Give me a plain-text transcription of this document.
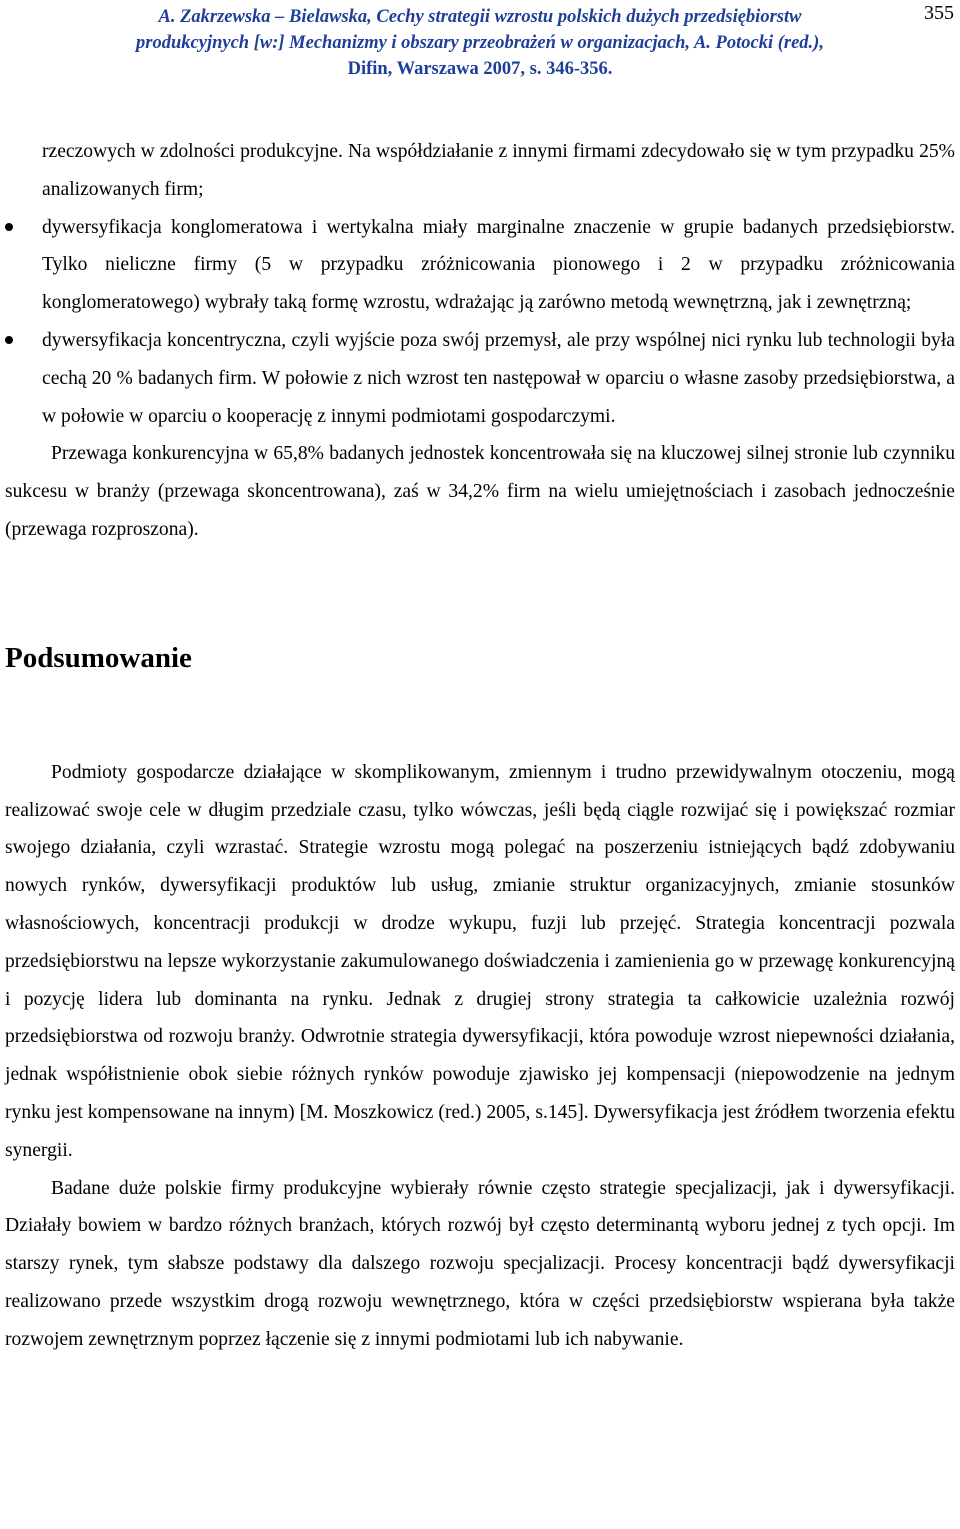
A. Zakrzewska – Bielawska, Cechy strategii wzrostu polskich dużych przedsiębiorstw
produkcyjnych [w:] Mechanizmy i obszary przeobrażeń w organizacjach, A. Potocki (red.),
Difin, Warszawa 2007, s. 346-356.
355
rzeczowych w zdolności produkcyjne. Na współdziałanie z innymi firmami zdecydowało się w tym przypadku 25% analizowanych firm;
dywersyfikacja konglomeratowa i wertykalna miały marginalne znaczenie w grupie badanych przedsiębiorstw. Tylko nieliczne firmy (5 w przypadku zróżnicowania pionowego i 2 w przypadku zróżnicowania konglomeratowego) wybrały taką formę wzrostu, wdrażając ją zarówno metodą wewnętrzną, jak i zewnętrzną;
dywersyfikacja koncentryczna, czyli wyjście poza swój przemysł, ale przy wspólnej nici rynku lub technologii była cechą 20 % badanych firm. W połowie z nich wzrost ten następował w oparciu o własne zasoby przedsiębiorstwa, a w połowie w oparciu o kooperację z innymi podmiotami gospodarczymi.

Przewaga konkurencyjna w 65,8% badanych jednostek koncentrowała się na kluczowej silnej stronie lub czynniku sukcesu w branży (przewaga skoncentrowana), zaś w 34,2% firm na wielu umiejętnościach i zasobach jednocześnie (przewaga rozproszona).

Podsumowanie

Podmioty gospodarcze działające w skomplikowanym, zmiennym i trudno przewidywalnym otoczeniu, mogą realizować swoje cele w długim przedziale czasu, tylko wówczas, jeśli będą ciągle rozwijać się i powiększać rozmiar swojego działania, czyli wzrastać. Strategie wzrostu mogą polegać na poszerzeniu istniejących bądź zdobywaniu nowych rynków, dywersyfikacji produktów lub usług, zmianie struktur organizacyjnych, zmianie stosunków własnościowych, koncentracji produkcji w drodze wykupu, fuzji lub przejęć. Strategia koncentracji pozwala przedsiębiorstwu na lepsze wykorzystanie zakumulowanego doświadczenia i zamienienia go w przewagę konkurencyjną i pozycję lidera lub dominanta na rynku. Jednak z drugiej strony strategia ta całkowicie uzależnia rozwój przedsiębiorstwa od rozwoju branży. Odwrotnie strategia dywersyfikacji, która powoduje wzrost niepewności działania, jednak współistnienie obok siebie różnych rynków powoduje zjawisko jej kompensacji (niepowodzenie na jednym rynku jest kompensowane na innym) [M. Moszkowicz (red.) 2005, s.145]. Dywersyfikacja jest źródłem tworzenia efektu synergii.

Badane duże polskie firmy produkcyjne wybierały równie często strategie specjalizacji, jak i dywersyfikacji. Działały bowiem w bardzo różnych branżach, których rozwój był często determinantą wyboru jednej z tych opcji. Im starszy rynek, tym słabsze podstawy dla dalszego rozwoju specjalizacji. Procesy koncentracji bądź dywersyfikacji realizowano przede wszystkim drogą rozwoju wewnętrznego, która w części przedsiębiorstw wspierana była także rozwojem zewnętrznym poprzez łączenie się z innymi podmiotami lub ich nabywanie.
